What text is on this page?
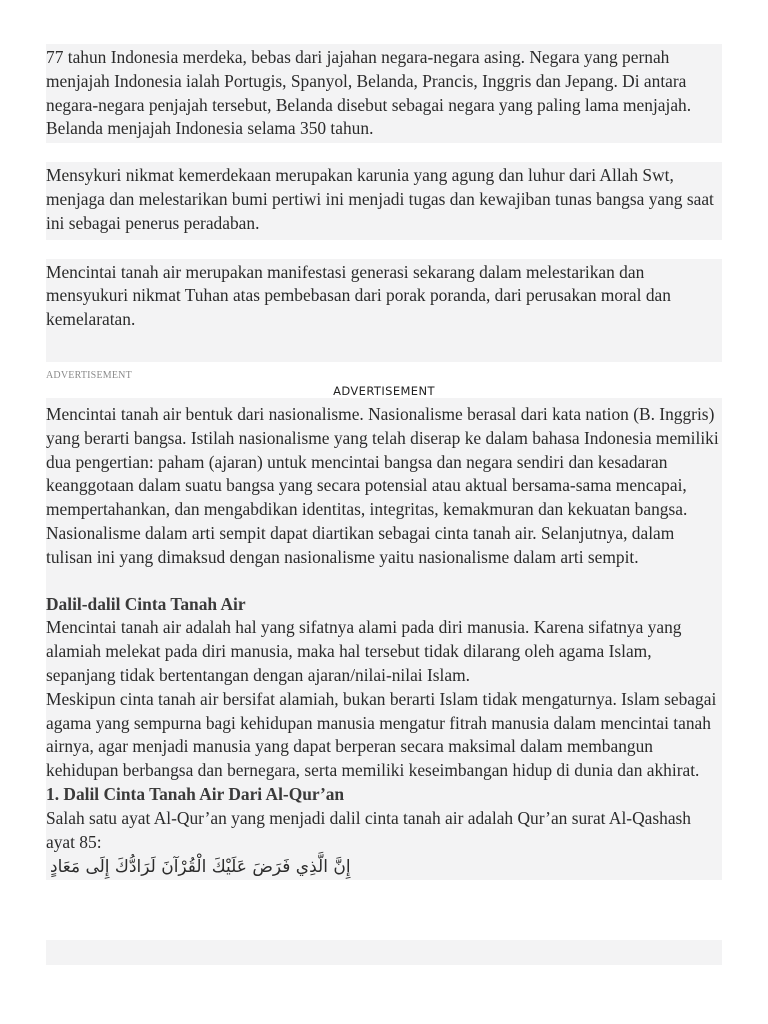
77 tahun Indonesia merdeka, bebas dari jajahan negara-negara asing. Negara yang pernah menjajah Indonesia ialah Portugis, Spanyol, Belanda, Prancis, Inggris dan Jepang. Di antara negara-negara penjajah tersebut, Belanda disebut sebagai negara yang paling lama menjajah. Belanda menjajah Indonesia selama 350 tahun.

Mensykuri nikmat kemerdekaan merupakan karunia yang agung dan luhur dari Allah Swt, menjaga dan melestarikan bumi pertiwi ini menjadi tugas dan kewajiban tunas bangsa yang saat ini sebagai penerus peradaban.

Mencintai tanah air merupakan manifestasi generasi sekarang dalam melestarikan dan mensyukuri nikmat Tuhan atas pembebasan dari porak poranda, dari perusakan moral dan kemelaratan.

ADVERTISEMENT
ADVERTISEMENT

Mencintai tanah air bentuk dari nasionalisme. Nasionalisme berasal dari kata nation (B. Inggris) yang berarti bangsa. Istilah nasionalisme yang telah diserap ke dalam bahasa Indonesia memiliki dua pengertian: paham (ajaran) untuk mencintai bangsa dan negara sendiri dan kesadaran keanggotaan dalam suatu bangsa yang secara potensial atau aktual bersama-sama mencapai, mempertahankan, dan mengabdikan identitas, integritas, kemakmuran dan kekuatan bangsa. Nasionalisme dalam arti sempit dapat diartikan sebagai cinta tanah air. Selanjutnya, dalam tulisan ini yang dimaksud dengan nasionalisme yaitu nasionalisme dalam arti sempit.

Dalil-dalil Cinta Tanah Air

Mencintai tanah air adalah hal yang sifatnya alami pada diri manusia. Karena sifatnya yang alamiah melekat pada diri manusia, maka hal tersebut tidak dilarang oleh agama Islam, sepanjang tidak bertentangan dengan ajaran/nilai-nilai Islam.

Meskipun cinta tanah air bersifat alamiah, bukan berarti Islam tidak mengaturnya. Islam sebagai agama yang sempurna bagi kehidupan manusia mengatur fitrah manusia dalam mencintai tanah airnya, agar menjadi manusia yang dapat berperan secara maksimal dalam membangun kehidupan berbangsa dan bernegara, serta memiliki keseimbangan hidup di dunia dan akhirat.

1. Dalil Cinta Tanah Air Dari Al-Qur’an

Salah satu ayat Al-Qur’an yang menjadi dalil cinta tanah air adalah Qur’an surat Al-Qashash ayat 85:

إِنَّ الَّذِي فَرَضَ عَلَيْكَ الْقُرْآنَ لَرَادُّكَ إِلَى مَعَادٍ
